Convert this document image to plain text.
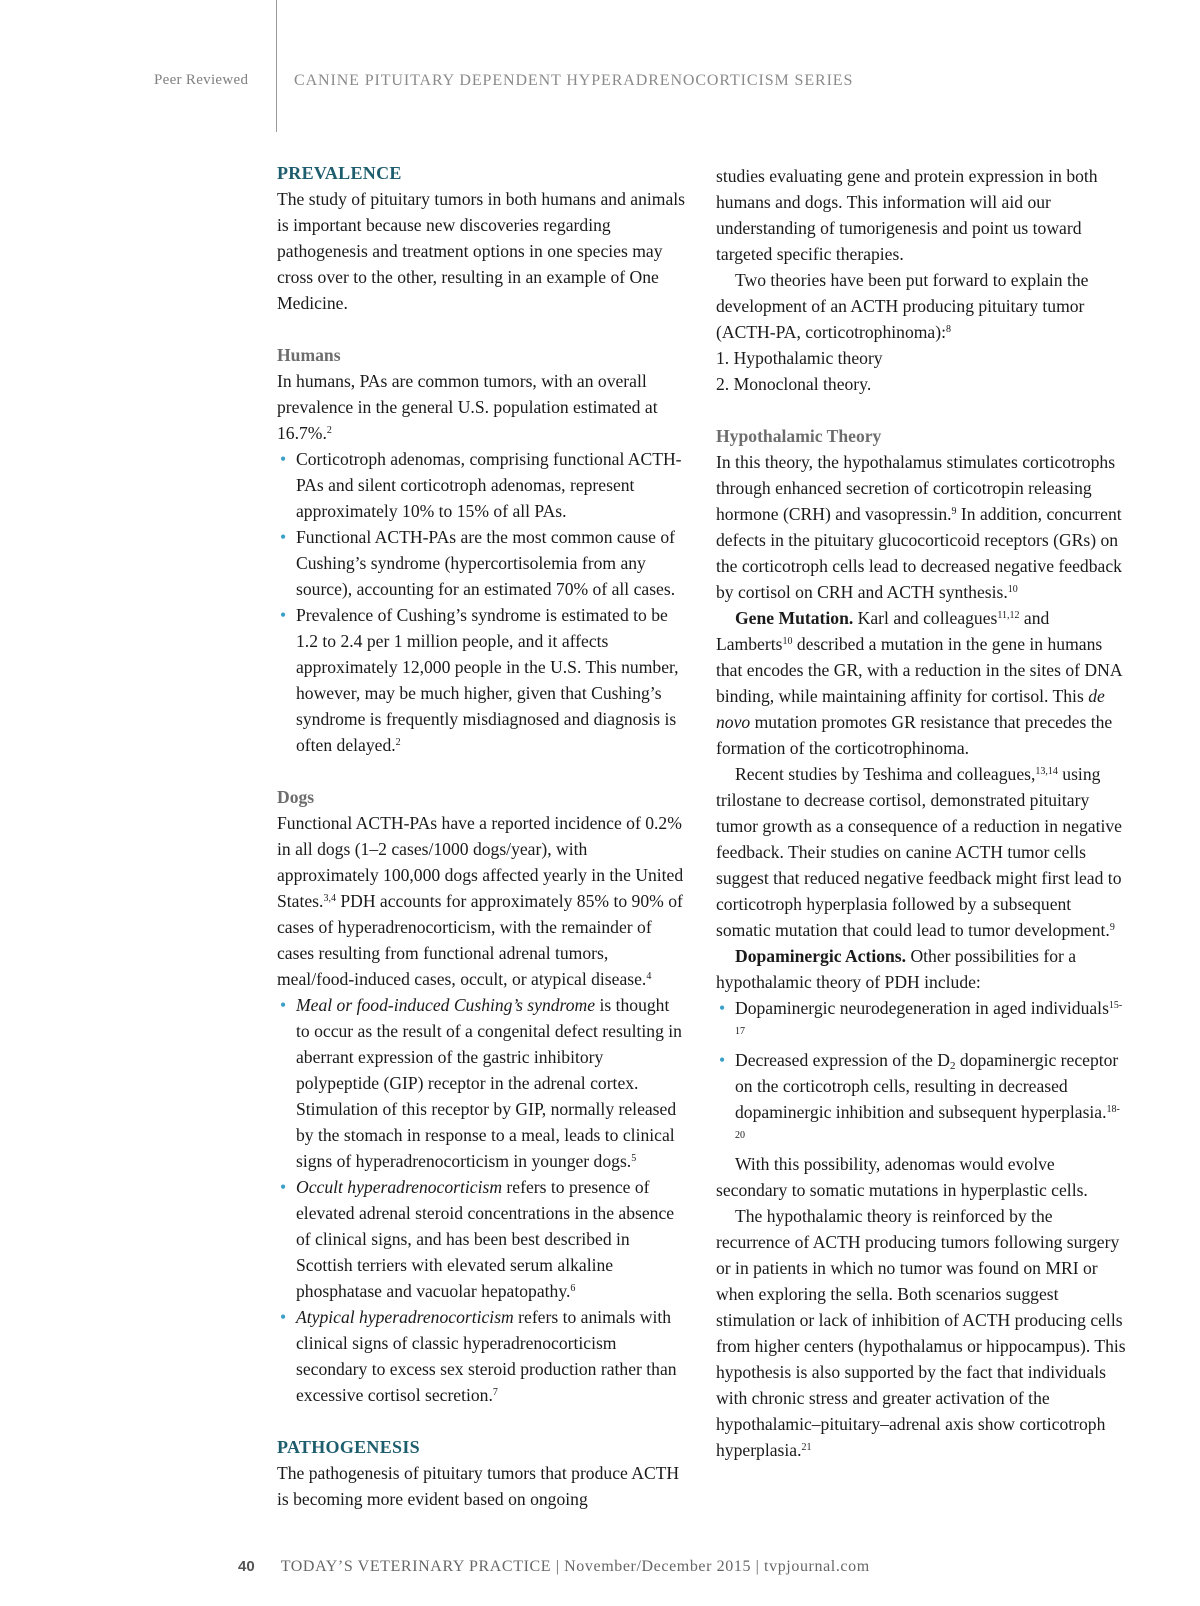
Peer Reviewed	CANINE PITUITARY DEPENDENT HYPERADRENOCORTICISM SERIES
PREVALENCE

The study of pituitary tumors in both humans and animals is important because new discoveries regarding pathogenesis and treatment options in one species may cross over to the other, resulting in an example of One Medicine.

Humans

In humans, PAs are common tumors, with an overall prevalence in the general U.S. population estimated at 16.7%.$^2$

• Corticotroph adenomas, comprising functional ACTH-PAs and silent corticotroph adenomas, represent approximately 10% to 15% of all PAs.
• Functional ACTH-PAs are the most common cause of Cushing’s syndrome (hypercortisolemia from any source), accounting for an estimated 70% of all cases.
• Prevalence of Cushing’s syndrome is estimated to be 1.2 to 2.4 per 1 million people, and it affects approximately 12,000 people in the U.S. This number, however, may be much higher, given that Cushing’s syndrome is frequently misdiagnosed and diagnosis is often delayed.$^2$
Dogs

Functional ACTH-PAs have a reported incidence of 0.2% in all dogs (1–2 cases/1000 dogs/year), with approximately 100,000 dogs affected yearly in the United States.$^{3,4}$ PDH accounts for approximately 85% to 90% of cases of hyperadrenocorticism, with the remainder of cases resulting from functional adrenal tumors, meal/food-induced cases, occult, or atypical disease.$^4$

• Meal or food-induced Cushing’s syndrome is thought to occur as the result of a congenital defect resulting in aberrant expression of the gastric inhibitory polypeptide (GIP) receptor in the adrenal cortex. Stimulation of this receptor by GIP, normally released by the stomach in response to a meal, leads to clinical signs of hyperadrenocorticism in younger dogs.$^5$
• Occult hyperadrenocorticism refers to presence of elevated adrenal steroid concentrations in the absence of clinical signs, and has been best described in Scottish terriers with elevated serum alkaline phosphatase and vacuolar hepatopathy.$^6$
• Atypical hyperadrenocorticism refers to animals with clinical signs of classic hyperadrenocorticism secondary to excess sex steroid production rather than excessive cortisol secretion.$^7$
PATHOGENESIS

The pathogenesis of pituitary tumors that produce ACTH is becoming more evident based on ongoing

studies evaluating gene and protein expression in both humans and dogs. This information will aid our understanding of tumorigenesis and point us toward targeted specific therapies.

Two theories have been put forward to explain the development of an ACTH producing pituitary tumor (ACTH-PA, corticotrophinoma):$^8$

1. Hypothalamic theory

2. Monoclonal theory.

Hypothalamic Theory

In this theory, the hypothalamus stimulates corticotrophs through enhanced secretion of corticotropin releasing hormone (CRH) and vasopressin.$^9$ In addition, concurrent defects in the pituitary glucocorticoid receptors (GRs) on the corticotroph cells lead to decreased negative feedback by cortisol on CRH and ACTH synthesis.$^{10}$

Gene Mutation. Karl and colleagues$^{11,12}$ and Lamberts$^{10}$ described a mutation in the gene in humans that encodes the GR, with a reduction in the sites of DNA binding, while maintaining affinity for cortisol. This de novo mutation promotes GR resistance that precedes the formation of the corticotrophinoma.

Recent studies by Teshima and colleagues,$^{13,14}$ using trilostane to decrease cortisol, demonstrated pituitary tumor growth as a consequence of a reduction in negative feedback. Their studies on canine ACTH tumor cells suggest that reduced negative feedback might first lead to corticotroph hyperplasia followed by a subsequent somatic mutation that could lead to tumor development.$^9$

Dopaminergic Actions. Other possibilities for a hypothalamic theory of PDH include:

• Dopaminergic neurodegeneration in aged individuals$^{15-17}$
• Decreased expression of the $D_2$ dopaminergic receptor on the corticotroph cells, resulting in decreased dopaminergic inhibition and subsequent hyperplasia.$^{18-20}$

With this possibility, adenomas would evolve secondary to somatic mutations in hyperplastic cells.

The hypothalamic theory is reinforced by the recurrence of ACTH producing tumors following surgery or in patients in which no tumor was found on MRI or when exploring the sella. Both scenarios suggest stimulation or lack of inhibition of ACTH producing cells from higher centers (hypothalamus or hippocampus). This hypothesis is also supported by the fact that individuals with chronic stress and greater activation of the hypothalamic–pituitary–adrenal axis show corticotroph hyperplasia.$^{21}$

40 TODAY’S VETERINARY PRACTICE | November/December 2015 | tvpjournal.com
